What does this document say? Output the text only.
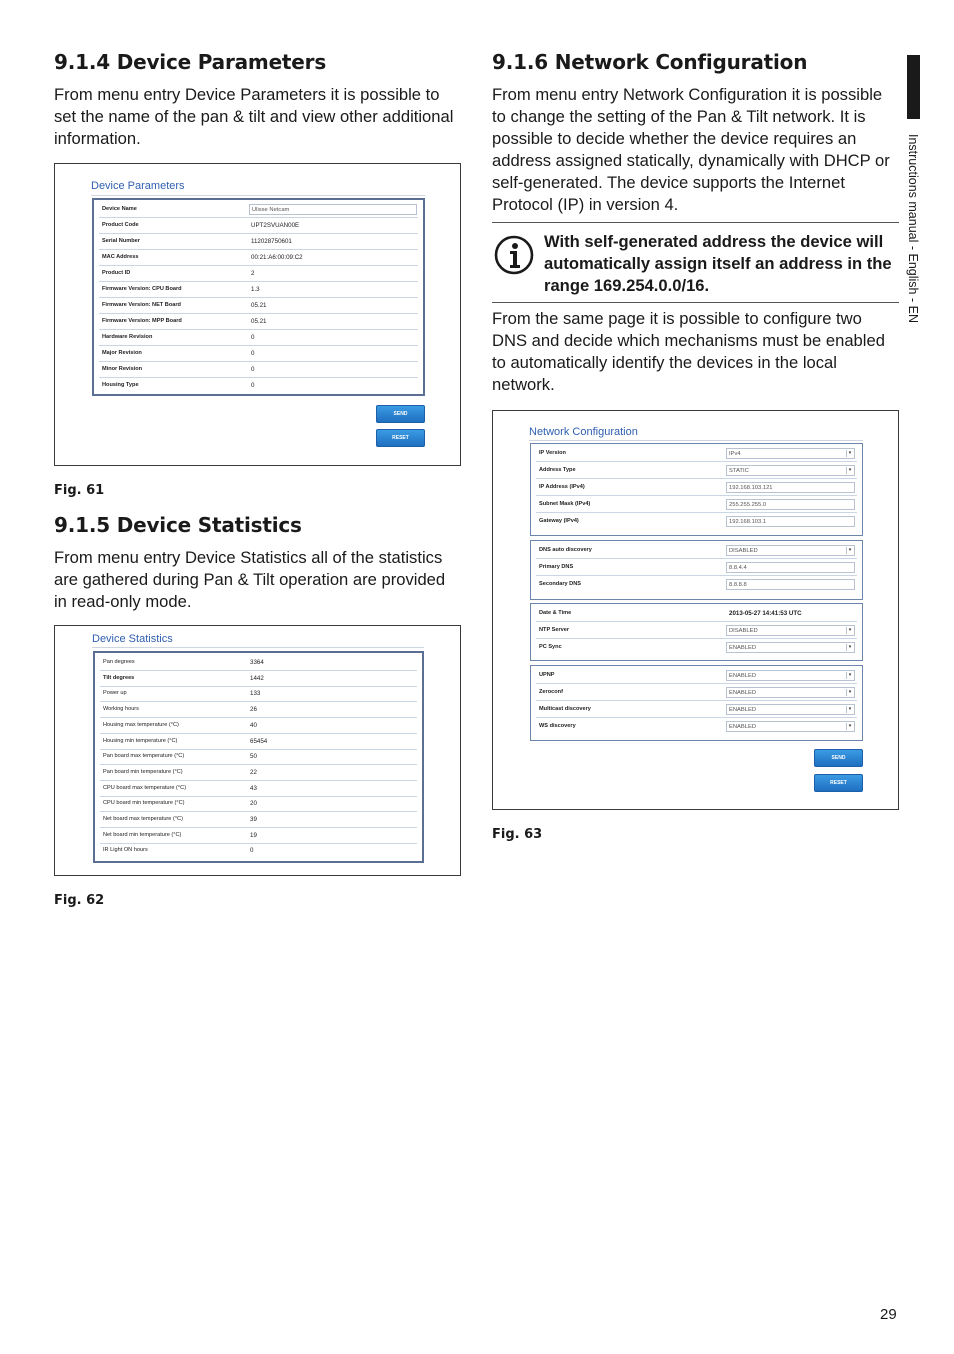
Instructions manual - English - EN
9.1.4 Device Parameters

From menu entry Device Parameters it is possible to set the name of the pan & tilt and view other additional information.

Device Parameters
Device Name	Ulisse Netcam
Product Code	UPT2SVUAN00E
Serial Number	112028750601
MAC Address	00:21:A6:00:09:C2
Product ID	2
Firmware Version: CPU Board	1.3
Firmware Version: NET Board	05.21
Firmware Version: MPP Board	05.21
Hardware Revision	0
Major Revision	0
Minor Revision	0
Housing Type	0
SEND
RESET
Fig. 61
9.1.5 Device Statistics

From menu entry Device Statistics all of the statistics are gathered during Pan & Tilt operation are provided in read-only mode.

Device Statistics
Pan degrees	3364
Tilt degrees	1442
Power up	133
Working hours	26
Housing max temperature (°C)	40
Housing min temperature (°C)	65454
Pan board max temperature (°C)	50
Pan board min temperature (°C)	22
CPU board max temperature (°C)	43
CPU board min temperature (°C)	20
Net board max temperature (°C)	39
Net board min temperature (°C)	19
IR Light ON hours	0
Fig. 62
9.1.6 Network Configuration

From menu entry Network Configuration it is possible to change the setting of the Pan & Tilt network. It is possible to decide whether the device requires an address assigned statically, dynamically with DHCP or self-generated. The device supports the Internet Protocol (IP) in version 4.

With self-generated address the device will automatically assign itself an address in the range 169.254.0.0/16.

From the same page it is possible to configure two DNS and decide which mechanisms must be enabled to automatically identify the devices in the local network.

Network Configuration
IP Version	IPv4	▾
Address Type	STATIC	▾
IP Address (IPv4)	192.168.103.121
Subnet Mask (IPv4)	255.255.255.0
Gateway (IPv4)	192.168.103.1
DNS auto discovery	DISABLED	▾
Primary DNS	8.8.4.4
Secondary DNS	8.8.8.8
Date & Time	2013-05-27 14:41:53 UTC
NTP Server	DISABLED	▾
PC Sync	ENABLED	▾
UPNP	ENABLED	▾
Zeroconf	ENABLED	▾
Multicast discovery	ENABLED	▾
WS discovery	ENABLED	▾
SEND
RESET
Fig. 63
29
